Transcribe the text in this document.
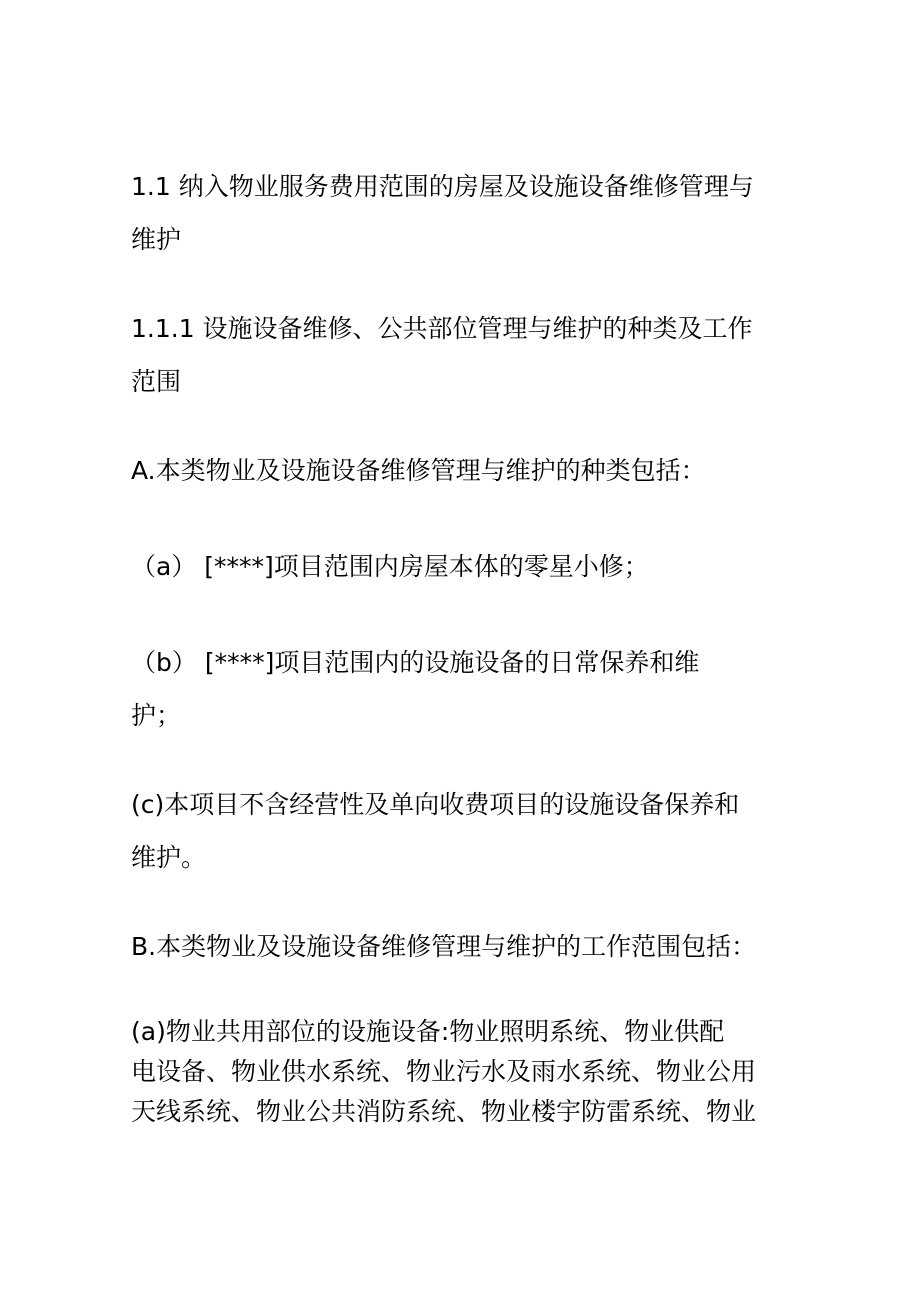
1.1 纳入物业服务费用范围的房屋及设施设备维修管理与
维护
1.1.1 设施设备维修、公共部位管理与维护的种类及工作
范围
A.本类物业及设施设备维修管理与维护的种类包括：
（a） [****]项目范围内房屋本体的零星小修；
（b） [****]项目范围内的设施设备的日常保养和维
护；
(c)本项目不含经营性及单向收费项目的设施设备保养和
维护。
B.本类物业及设施设备维修管理与维护的工作范围包括：
(a)物业共用部位的设施设备:物业照明系统、物业供配
电设备、物业供水系统、物业污水及雨水系统、物业公用
天线系统、物业公共消防系统、物业楼宇防雷系统、物业
